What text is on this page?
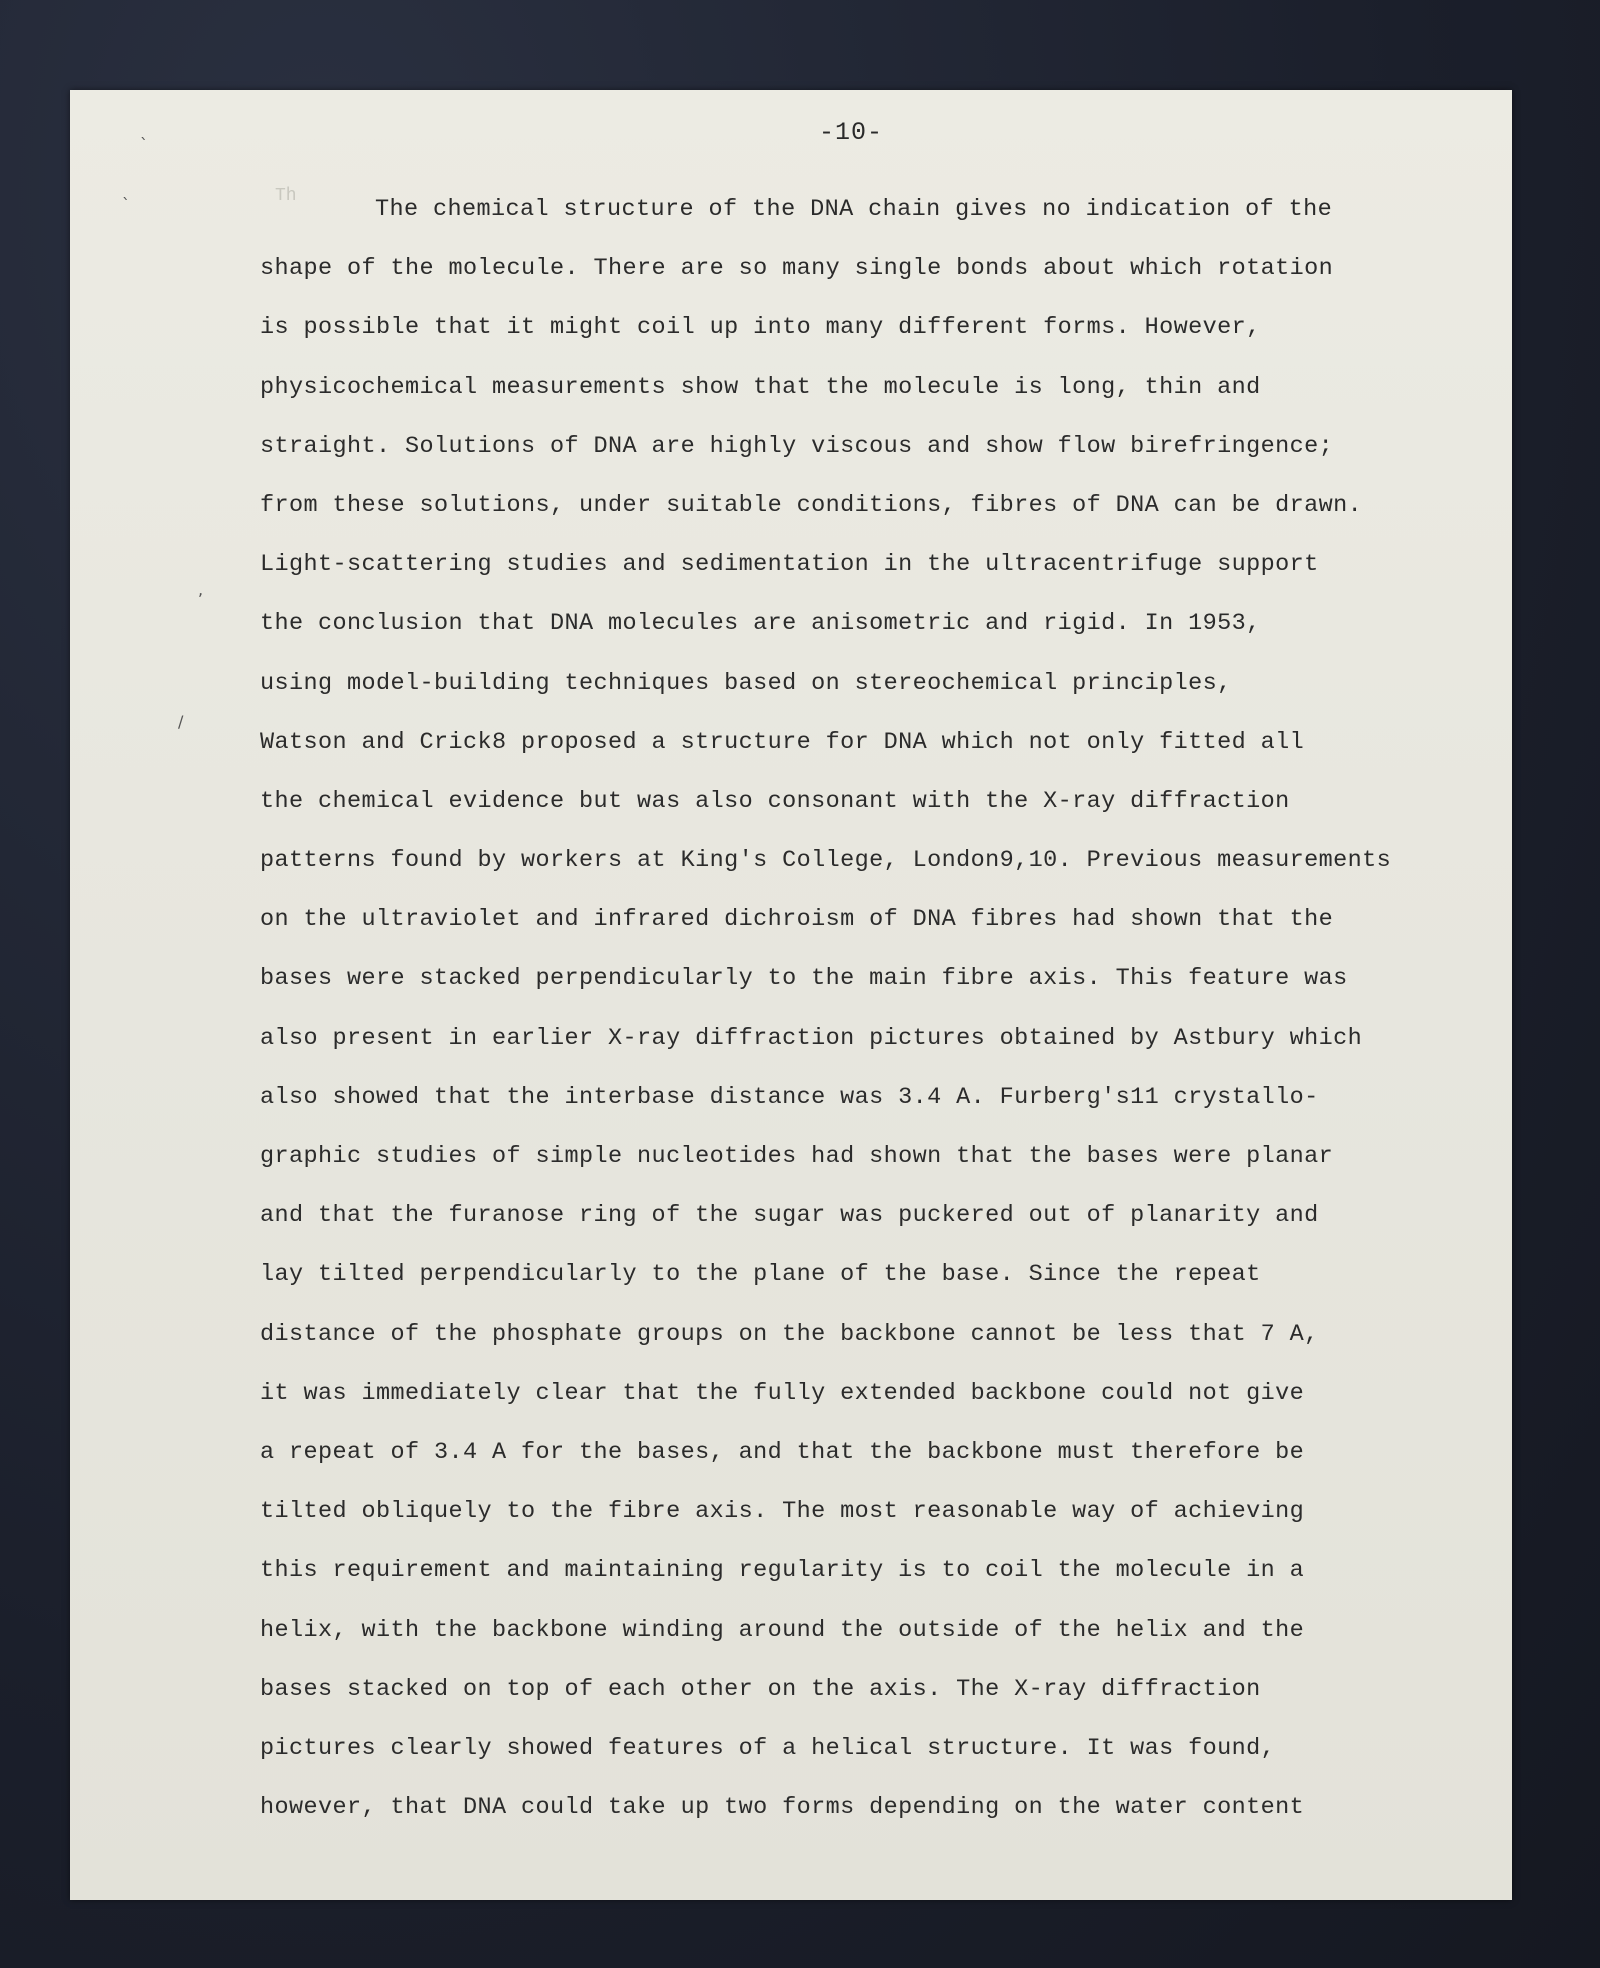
-10-
Th
`
`
,
/
The chemical structure of the DNA chain gives no indication of the
shape of the molecule. There are so many single bonds about which rotation
is possible that it might coil up into many different forms. However,
physicochemical measurements show that the molecule is long, thin and
straight. Solutions of DNA are highly viscous and show flow birefringence;
from these solutions, under suitable conditions, fibres of DNA can be drawn.
Light-scattering studies and sedimentation in the ultracentrifuge support
the conclusion that DNA molecules are anisometric and rigid. In 1953,
using model-building techniques based on stereochemical principles,
Watson and Crick8 proposed a structure for DNA which not only fitted all
the chemical evidence but was also consonant with the X-ray diffraction
patterns found by workers at King's College, London9,10. Previous measurements
on the ultraviolet and infrared dichroism of DNA fibres had shown that the
bases were stacked perpendicularly to the main fibre axis. This feature was
also present in earlier X-ray diffraction pictures obtained by Astbury which
also showed that the interbase distance was 3.4 A. Furberg's11 crystallo-
graphic studies of simple nucleotides had shown that the bases were planar
and that the furanose ring of the sugar was puckered out of planarity and
lay tilted perpendicularly to the plane of the base. Since the repeat
distance of the phosphate groups on the backbone cannot be less that 7 A,
it was immediately clear that the fully extended backbone could not give
a repeat of 3.4 A for the bases, and that the backbone must therefore be
tilted obliquely to the fibre axis. The most reasonable way of achieving
this requirement and maintaining regularity is to coil the molecule in a
helix, with the backbone winding around the outside of the helix and the
bases stacked on top of each other on the axis. The X-ray diffraction
pictures clearly showed features of a helical structure. It was found,
however, that DNA could take up two forms depending on the water content
